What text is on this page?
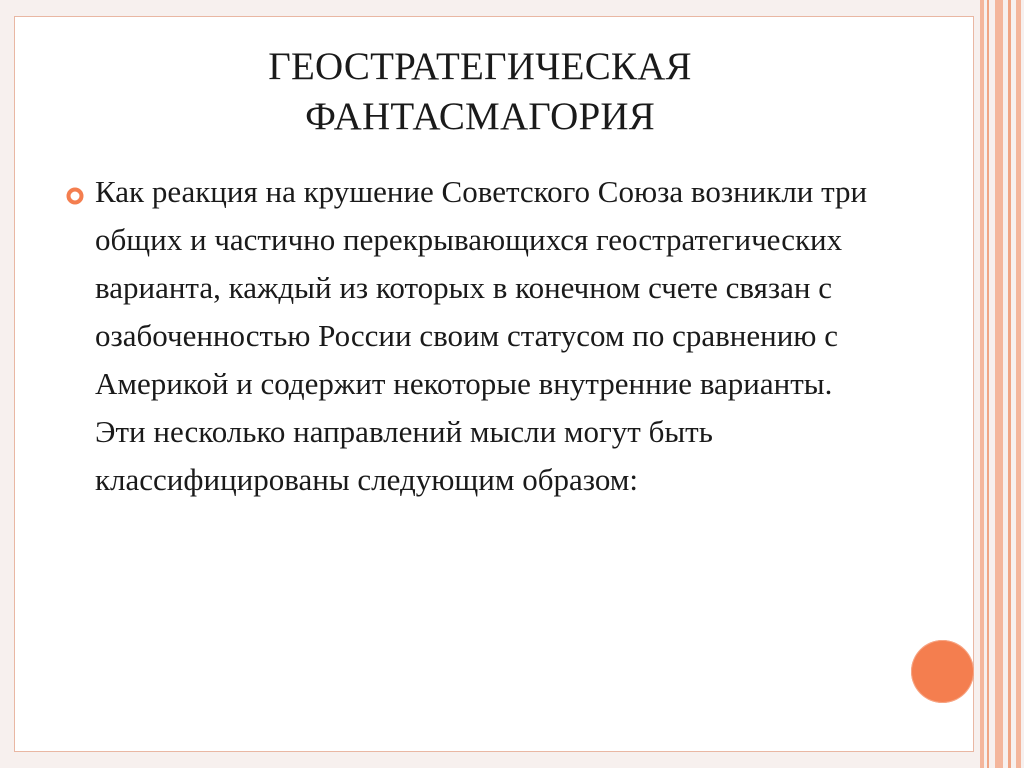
ГЕОСТРАТЕГИЧЕСКАЯ
ФАНТАСМАГОРИЯ
Как реакция на крушение Советского Союза возникли три общих и частично перекрывающихся геостратегических варианта, каждый из которых в конечном счете связан с озабоченностью России своим статусом по сравнению с Америкой и содержит некоторые внутренние варианты. Эти несколько направлений мысли могут быть классифицированы следующим образом:
